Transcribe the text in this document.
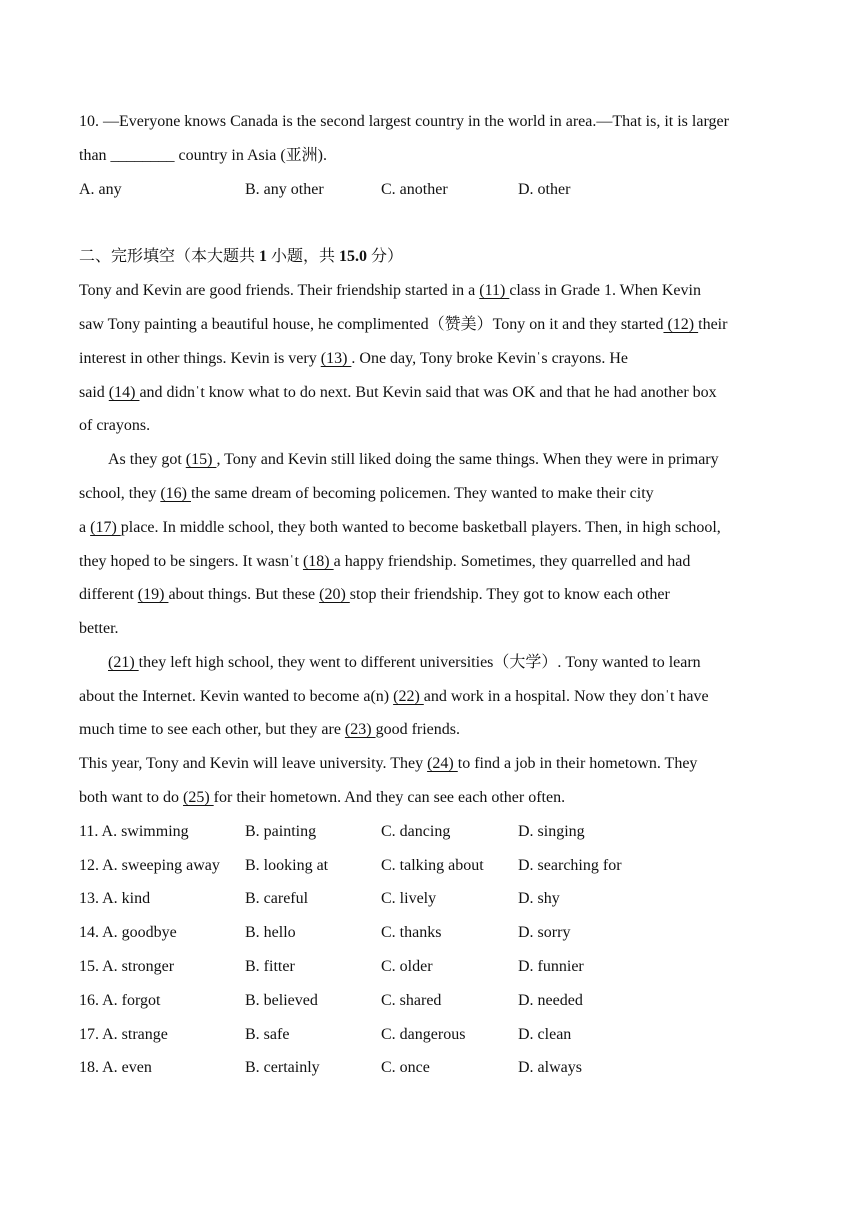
10. —Everyone knows Canada is the second largest country in the world in area.—That is, it is larger
than ________ country in Asia (亚洲).
A. any	B. any other	C. another	D. other
二、完形填空（本大题共 1 小题，共 15.0 分）
Tony and Kevin are good friends. Their friendship started in a (11) class in Grade 1. When Kevin
saw Tony painting a beautiful house, he complimented（赞美）Tony on it and they started (12) their
interest in other things. Kevin is very (13) . One day, Tony broke Kevinˈs crayons. He
said (14) and didnˈt know what to do next. But Kevin said that was OK and that he had another box
of crayons.
As they got (15) , Tony and Kevin still liked doing the same things. When they were in primary
school, they (16) the same dream of becoming policemen. They wanted to make their city
a (17) place. In middle school, they both wanted to become basketball players. Then, in high school,
they hoped to be singers. It wasnˈt (18) a happy friendship. Sometimes, they quarrelled and had
different (19) about things. But these (20) stop their friendship. They got to know each other
better.
(21) they left high school, they went to different universities（大学）. Tony wanted to learn
about the Internet. Kevin wanted to become a(n) (22) and work in a hospital. Now they donˈt have
much time to see each other, but they are (23) good friends.
This year, Tony and Kevin will leave university. They (24) to find a job in their hometown. They
both want to do (25) for their hometown. And they can see each other often.
11. A. swimming	B. painting	C. dancing	D. singing
12. A. sweeping away B. looking at	C. talking about D. searching for
13. A. kind	B. careful	C. lively	D. shy
14. A. goodbye	B. hello	C. thanks	D. sorry
15. A. stronger	B. fitter	C. older	D. funnier
16. A. forgot	B. believed	C. shared	D. needed
17. A. strange	B. safe	C. dangerous	D. clean
18. A. even	B. certainly	C. once	D. always
